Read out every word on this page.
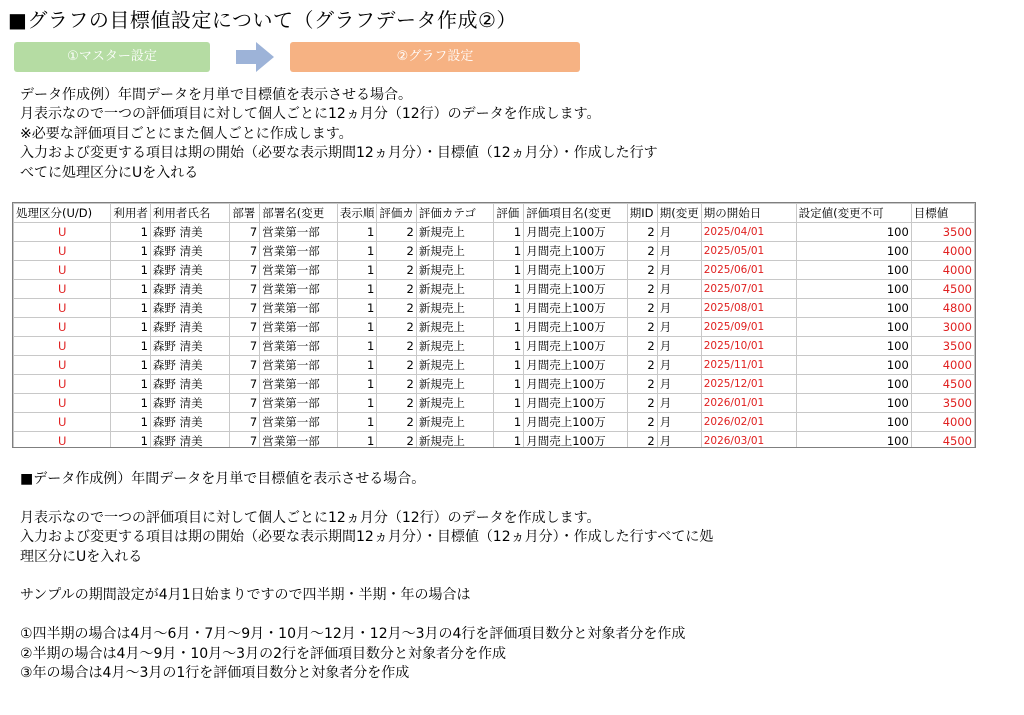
■グラフの目標値設定について（グラフデータ作成②）
①マスター設定	②グラフ設定

データ作成例）年間データを月単で目標値を表示させる場合。

月表示なので一つの評価項目に対して個人ごとに12ヵ月分（12行）のデータを作成します。

※必要な評価項目ごとにまた個人ごとに作成します。

入力および変更する項目は期の開始（必要な表示期間12ヵ月分）・目標値（12ヵ月分）・作成した行す

べてに処理区分にUを入れる

処理区分(U/D)	利用者	利用者氏名	部署	部署名(変更	表示順	評価カ	評価カテゴ	評価	評価項目名(変更	期ID	期(変更	期の開始日	設定値(変更不可	目標値
U	1	森野 清美	7	営業第一部	1	2	新規売上	1	月間売上100万	2	月	2025/04/01	100	3500
U	1	森野 清美	7	営業第一部	1	2	新規売上	1	月間売上100万	2	月	2025/05/01	100	4000
U	1	森野 清美	7	営業第一部	1	2	新規売上	1	月間売上100万	2	月	2025/06/01	100	4000
U	1	森野 清美	7	営業第一部	1	2	新規売上	1	月間売上100万	2	月	2025/07/01	100	4500
U	1	森野 清美	7	営業第一部	1	2	新規売上	1	月間売上100万	2	月	2025/08/01	100	4800
U	1	森野 清美	7	営業第一部	1	2	新規売上	1	月間売上100万	2	月	2025/09/01	100	3000
U	1	森野 清美	7	営業第一部	1	2	新規売上	1	月間売上100万	2	月	2025/10/01	100	3500
U	1	森野 清美	7	営業第一部	1	2	新規売上	1	月間売上100万	2	月	2025/11/01	100	4000
U	1	森野 清美	7	営業第一部	1	2	新規売上	1	月間売上100万	2	月	2025/12/01	100	4500
U	1	森野 清美	7	営業第一部	1	2	新規売上	1	月間売上100万	2	月	2026/01/01	100	3500
U	1	森野 清美	7	営業第一部	1	2	新規売上	1	月間売上100万	2	月	2026/02/01	100	4000
U	1	森野 清美	7	営業第一部	1	2	新規売上	1	月間売上100万	2	月	2026/03/01	100	4500

■データ作成例）年間データを月単で目標値を表示させる場合。

月表示なので一つの評価項目に対して個人ごとに12ヵ月分（12行）のデータを作成します。

入力および変更する項目は期の開始（必要な表示期間12ヵ月分）・目標値（12ヵ月分）・作成した行すべてに処

理区分にUを入れる

サンプルの期間設定が4月1日始まりですので四半期・半期・年の場合は

①四半期の場合は4月～6月・7月～9月・10月～12月・12月～3月の4行を評価項目数分と対象者分を作成

②半期の場合は4月～9月・10月～3月の2行を評価項目数分と対象者分を作成

③年の場合は4月～3月の1行を評価項目数分と対象者分を作成
